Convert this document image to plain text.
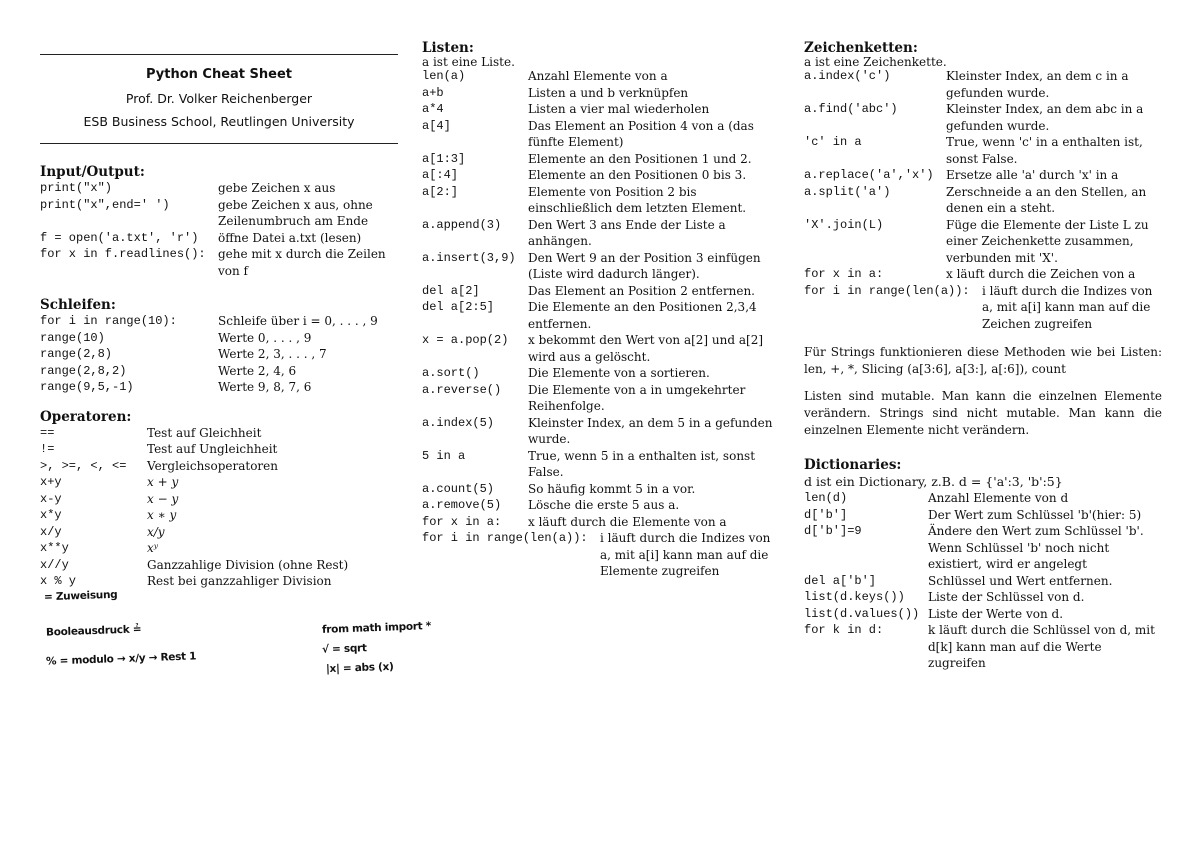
Python Cheat Sheet
Prof. Dr. Volker Reichenberger
ESB Business School, Reutlingen University
Input/Output:
print("x")	gebe Zeichen x aus
print("x",end=' ')	gebe Zeichen x aus, ohne Zeilenumbruch am Ende
f = open('a.txt', 'r')	öffne Datei a.txt (lesen)
for x in f.readlines():	gehe mit x durch die Zeilen von f
Schleifen:
for i in range(10):	Schleife über i = 0, . . . , 9
range(10)	Werte 0, . . . , 9
range(2,8)	Werte 2, 3, . . . , 7
range(2,8,2)	Werte 2, 4, 6
range(9,5,-1)	Werte 9, 8, 7, 6
Operatoren:
==	Test auf Gleichheit
!=	Test auf Ungleichheit
>, >=, <, <=	Vergleichsoperatoren
x+y	x + y
x-y	x − y
x*y	x ∗ y
x/y	x/y
x**y	xʸ
x//y	Ganzzahlige Division (ohne Rest)
x % y	Rest bei ganzzahliger Division
= Zuweisung
Booleausdruck ≟
% = modulo → x/y → Rest 1
from math import *
√ = sqrt
|x| = abs (x)
Listen:
a ist eine Liste.
len(a)	Anzahl Elemente von a
a+b	Listen a und b verknüpfen
a*4	Listen a vier mal wiederholen
a[4]	Das Element an Position 4 von a (das fünfte Element)
a[1:3]	Elemente an den Positionen 1 und 2.
a[:4]	Elemente an den Positionen 0 bis 3.
a[2:]	Elemente von Position 2 bis einschließlich dem letzten Element.
a.append(3)	Den Wert 3 ans Ende der Liste a anhängen.
a.insert(3,9)	Den Wert 9 an der Position 3 einfügen (Liste wird dadurch länger).
del a[2]	Das Element an Position 2 entfernen.
del a[2:5]	Die Elemente an den Positionen 2,3,4 entfernen.
x = a.pop(2)	x bekommt den Wert von a[2] und a[2] wird aus a gelöscht.
a.sort()	Die Elemente von a sortieren.
a.reverse()	Die Elemente von a in umgekehrter Reihenfolge.
a.index(5)	Kleinster Index, an dem 5 in a gefunden wurde.
5 in a	True, wenn 5 in a enthalten ist, sonst False.
a.count(5)	So häufig kommt 5 in a vor.
a.remove(5)	Lösche die erste 5 aus a.
for x in a:	x läuft durch die Elemente von a
for i in range(len(a)):	i läuft durch die Indizes von a, mit a[i] kann man auf die Elemente zugreifen
Zeichenketten:
a ist eine Zeichenkette.
a.index('c')	Kleinster Index, an dem c in a gefunden wurde.
a.find('abc')	Kleinster Index, an dem abc in a gefunden wurde.
'c' in a	True, wenn 'c' in a enthalten ist, sonst False.
a.replace('a','x')	Ersetze alle 'a' durch 'x' in a
a.split('a')	Zerschneide a an den Stellen, an denen ein a steht.
'X'.join(L)	Füge die Elemente der Liste L zu einer Zeichenkette zusammen, verbunden mit 'X'.
for x in a:	x läuft durch die Zeichen von a
for i in range(len(a)):	i läuft durch die Indizes von a, mit a[i] kann man auf die Zeichen zugreifen
Für Strings funktionieren diese Methoden wie bei Listen: len, +, *, Slicing (a[3:6], a[3:], a[:6]), count
Listen sind mutable. Man kann die einzelnen Elemente verändern. Strings sind nicht mutable. Man kann die einzelnen Elemente nicht verändern.
Dictionaries:
d ist ein Dictionary, z.B. d = {'a':3, 'b':5}
len(d)	Anzahl Elemente von d
d['b']	Der Wert zum Schlüssel 'b'(hier: 5)
d['b']=9	Ändere den Wert zum Schlüssel 'b'. Wenn Schlüssel 'b' noch nicht existiert, wird er angelegt
del a['b']	Schlüssel und Wert entfernen.
list(d.keys())	Liste der Schlüssel von d.
list(d.values()) Liste der Werte von d.
for k in d:	k läuft durch die Schlüssel von d, mit d[k] kann man auf die Werte zugreifen
